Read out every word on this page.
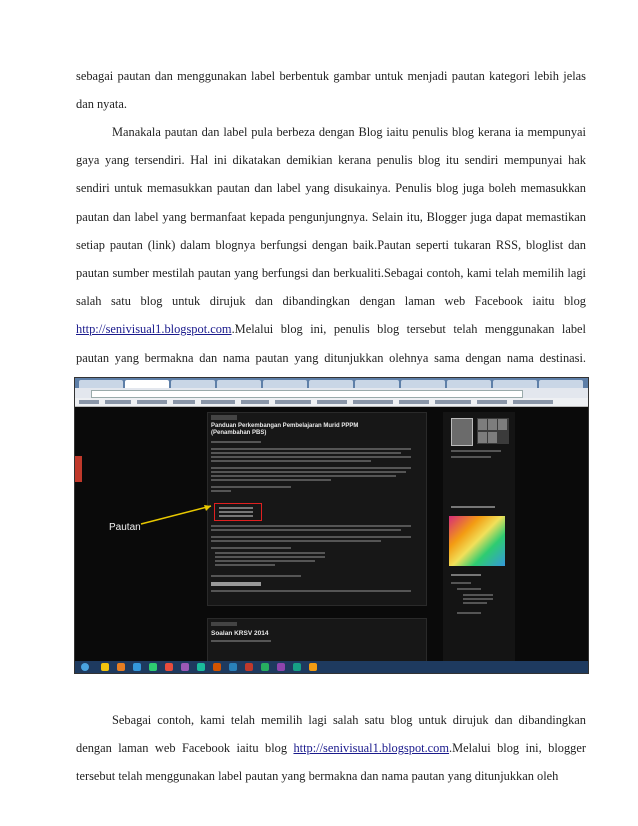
sebagai pautan dan menggunakan label berbentuk gambar untuk menjadi pautan kategori lebih jelas dan nyata.

Manakala pautan dan label pula berbeza dengan Blog iaitu penulis blog kerana ia mempunyai gaya yang tersendiri. Hal ini dikatakan demikian kerana penulis blog itu sendiri mempunyai hak sendiri untuk memasukkan pautan dan label yang disukainya. Penulis blog juga boleh memasukkan pautan dan label yang bermanfaat kepada pengunjungnya. Selain itu, Blogger juga dapat memastikan setiap pautan (link) dalam blognya berfungsi dengan baik.Pautan seperti tukaran RSS, bloglist dan pautan sumber mestilah pautan yang berfungsi dan berkualiti.Sebagai contoh, kami telah memilih lagi salah satu blog untuk dirujuk dan dibandingkan dengan laman web Facebook iaitu blog http://senivisual1.blogspot.com.Melalui blog ini, penulis blog tersebut telah menggunakan label pautan yang bermakna dan nama pautan yang ditunjukkan olehnya sama dengan nama destinasi.

Panduan Perkembangan Pembelajaran Murid PPPM (Penambahan PBS)
Pautan
Soalan KRSV 2014

Sebagai contoh, kami telah memilih lagi salah satu blog untuk dirujuk dan dibandingkan dengan laman web Facebook iaitu blog http://senivisual1.blogspot.com.Melalui blog ini, blogger tersebut telah menggunakan label pautan yang bermakna dan nama pautan yang ditunjukkan oleh
